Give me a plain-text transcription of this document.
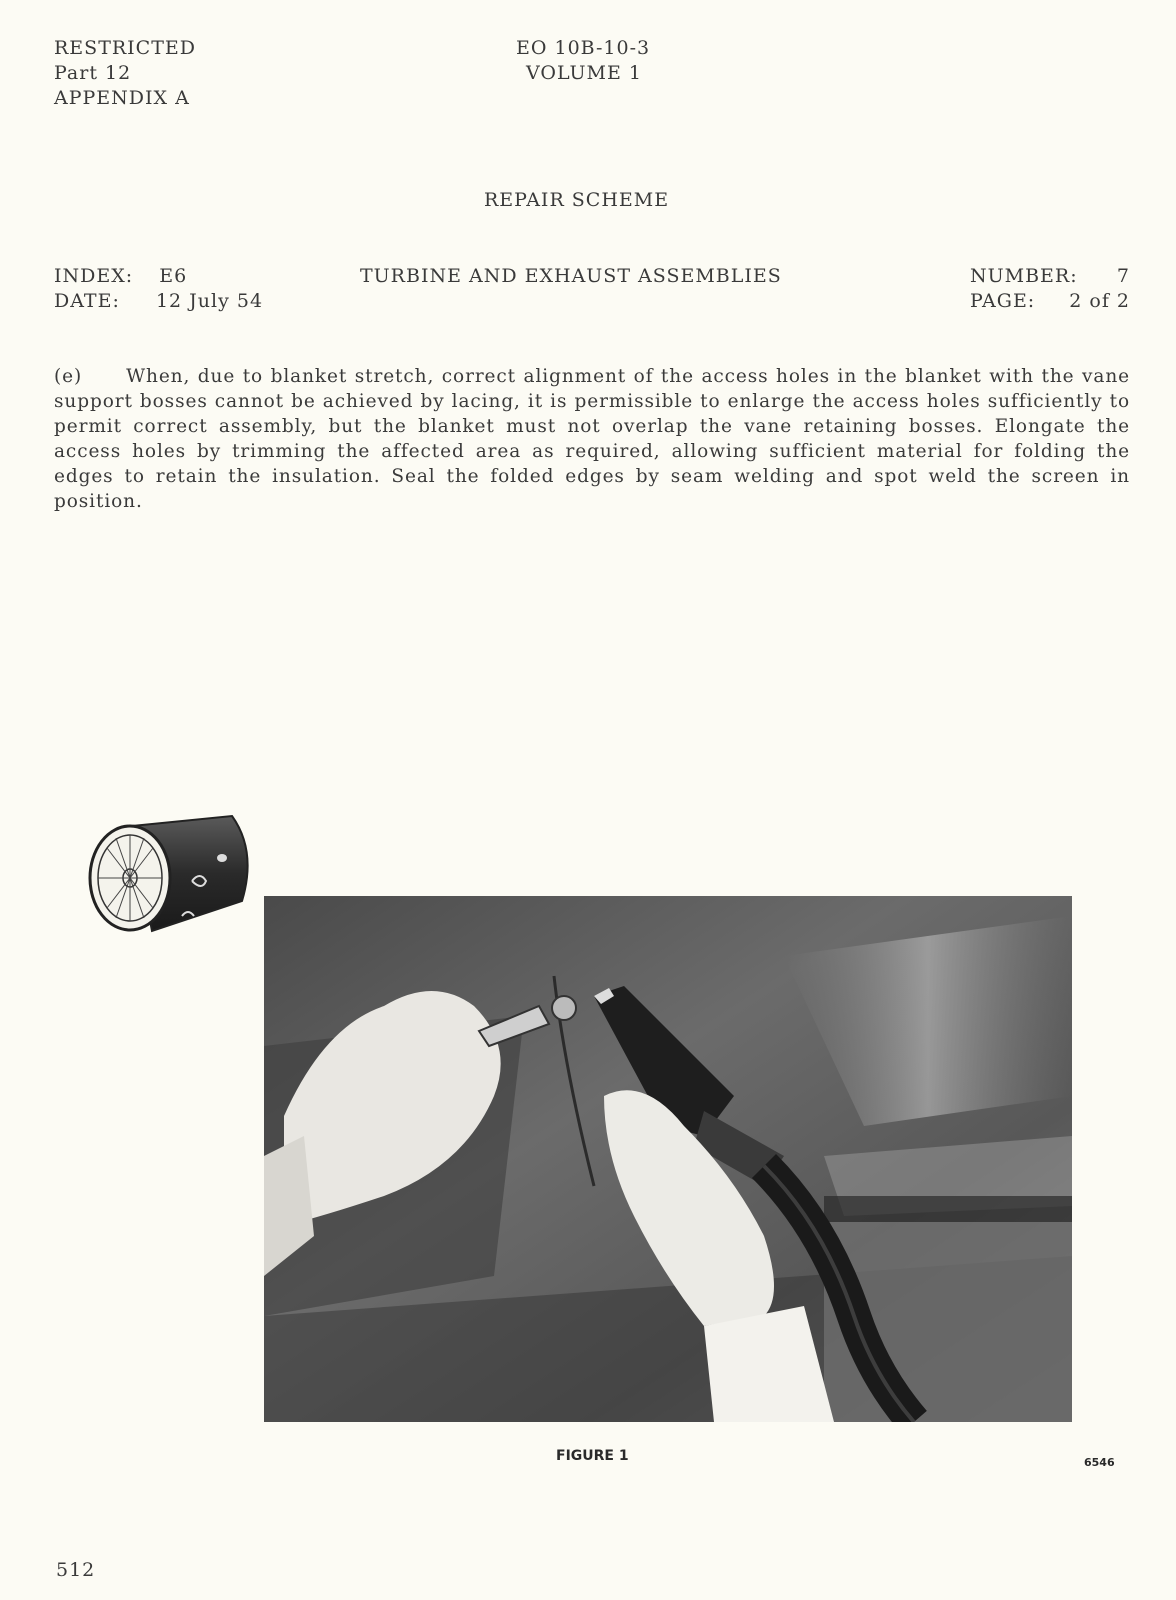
RESTRICTED
Part 12
APPENDIX A
EO 10B-10-3
VOLUME 1
REPAIR SCHEME
INDEX: E6
DATE: 12 July 54
TURBINE AND EXHAUST ASSEMBLIES	NUMBER: 7
PAGE: 2 of 2
(e) When, due to blanket stretch, correct alignment of the access holes in the blanket with the vane support bosses cannot be achieved by lacing, it is permissible to enlarge the access holes sufficiently to permit correct assembly, but the blanket must not overlap the vane retaining bosses. Elongate the access holes by trimming the affected area as required, allowing sufficient material for folding the edges to retain the insulation. Seal the folded edges by seam welding and spot weld the screen in position.
FIGURE 1	6546
512
